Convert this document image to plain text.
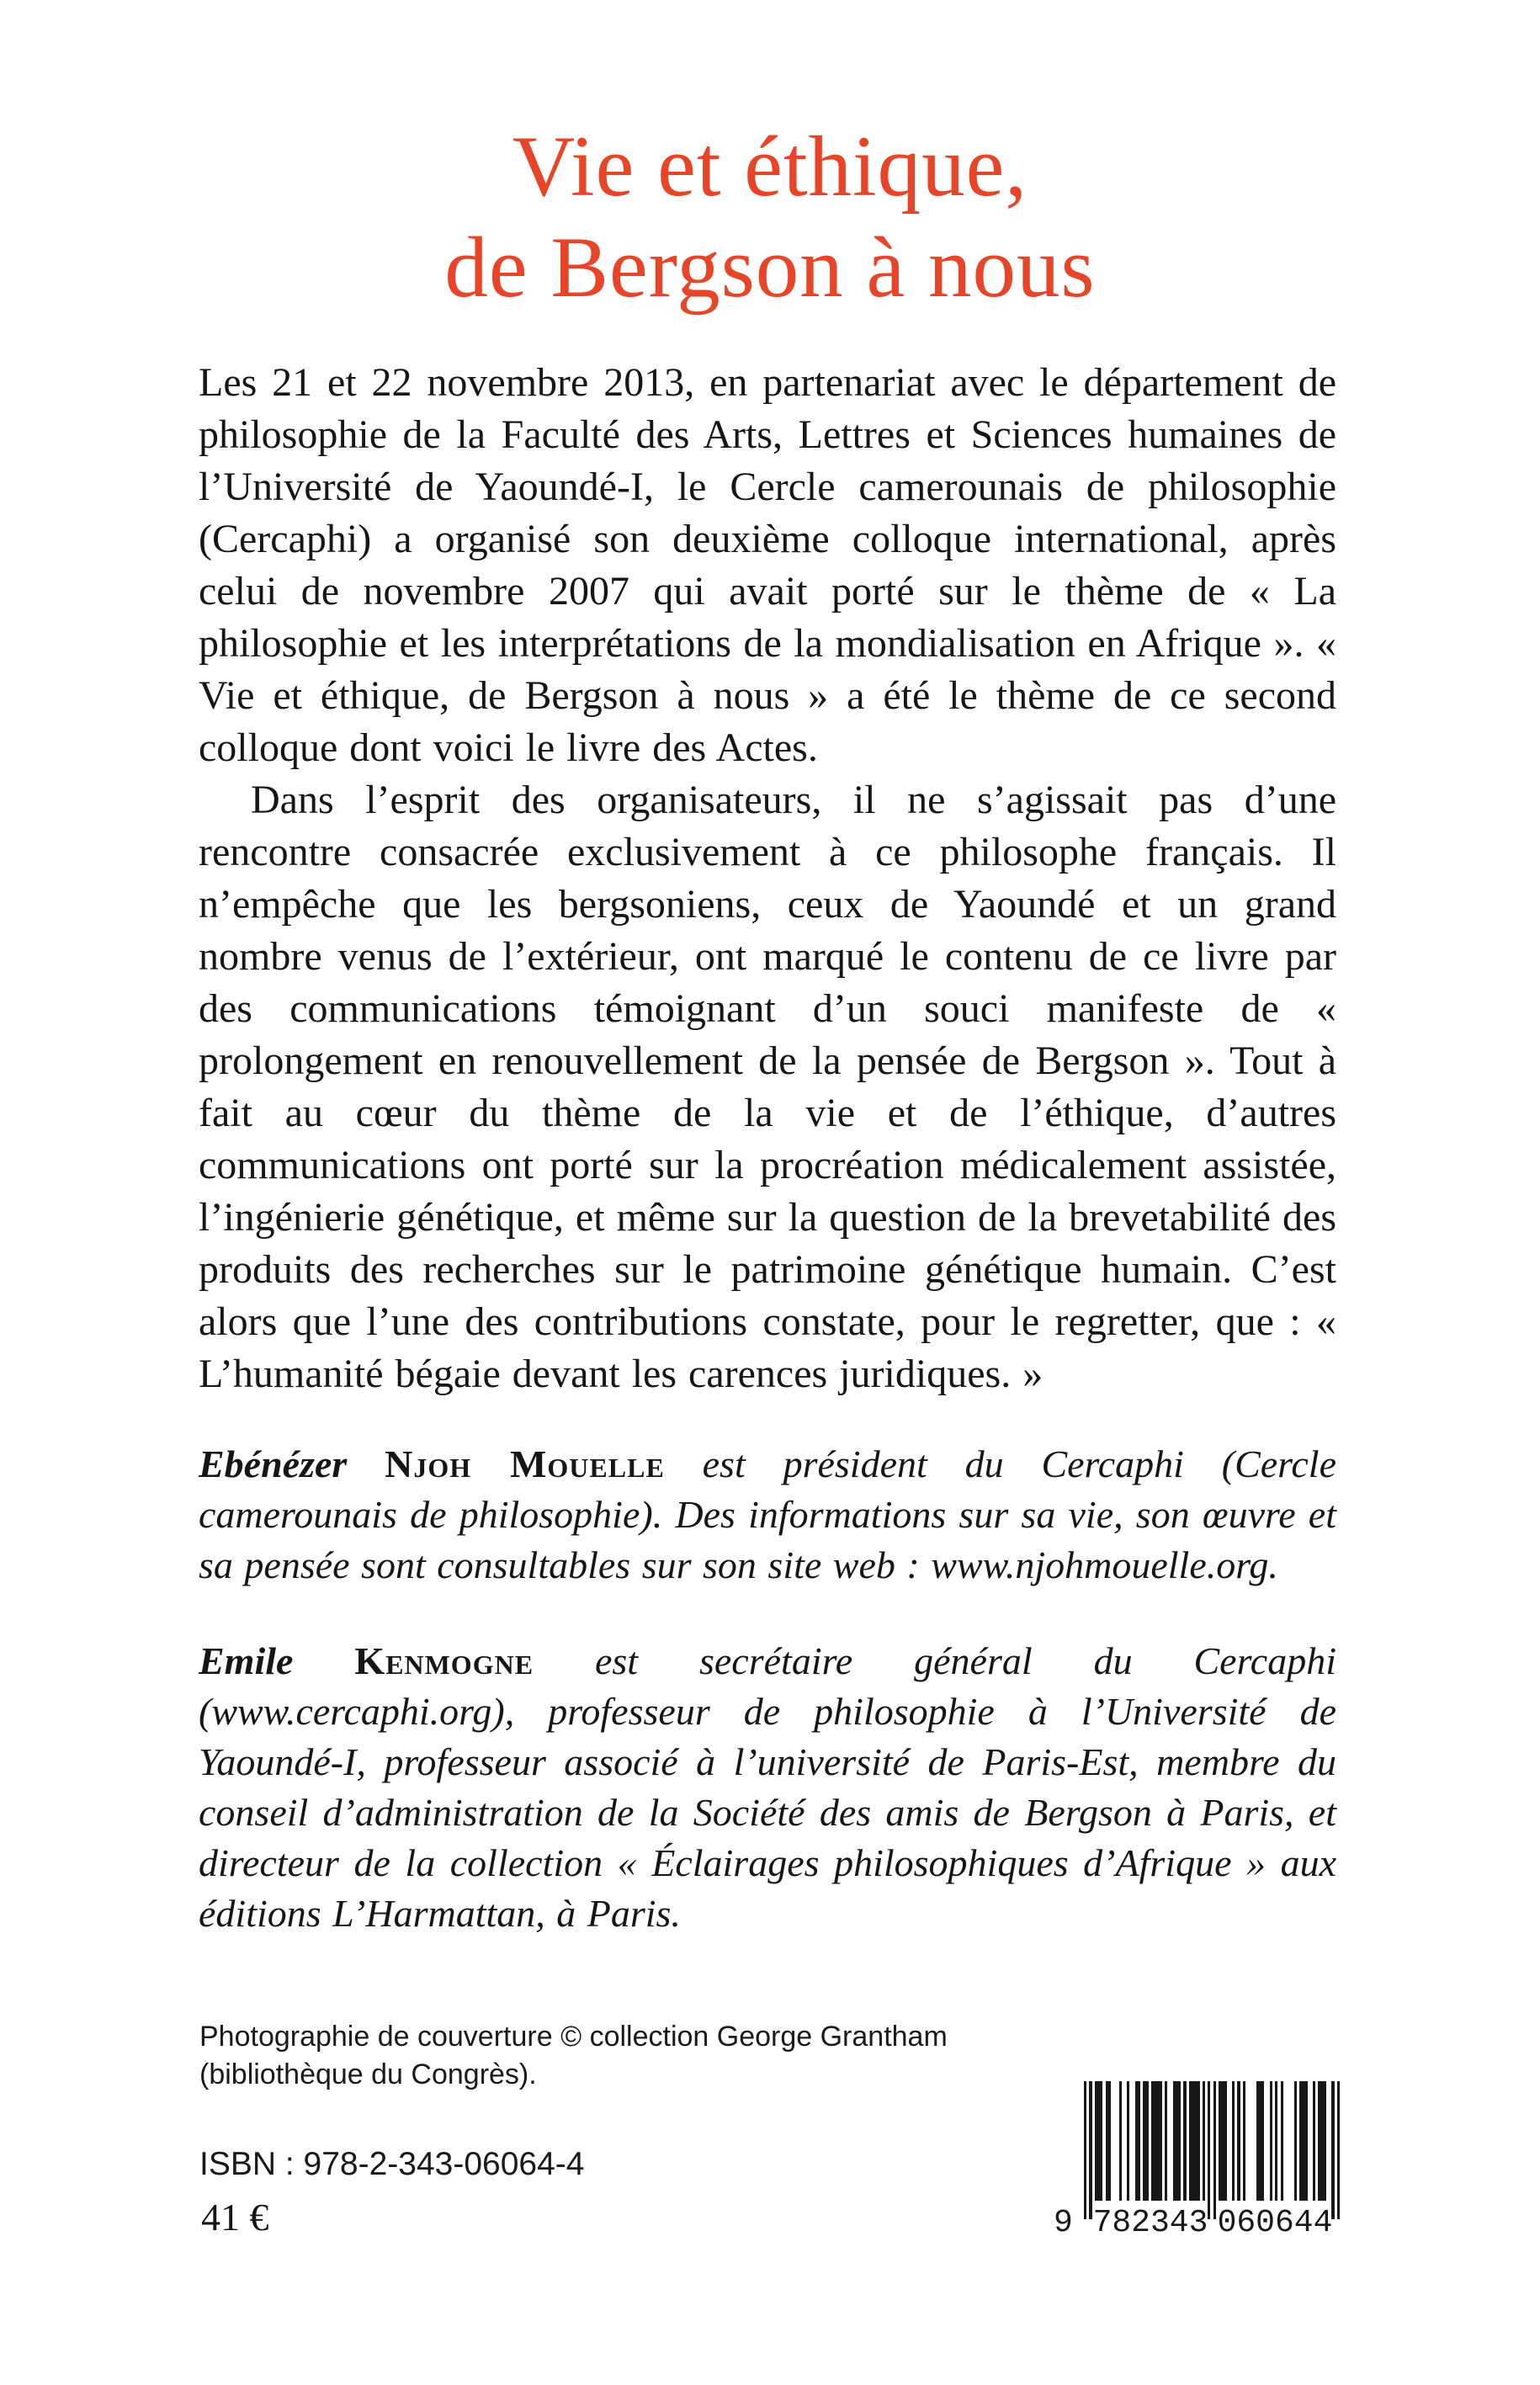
Vie et éthique,
de Bergson à nous

Les 21 et 22 novembre 2013, en partenariat avec le département de philosophie de la Faculté des Arts, Lettres et Sciences humaines de l’Université de Yaoundé-I, le Cercle camerounais de philosophie (Cercaphi) a organisé son deuxième colloque international, après celui de novembre 2007 qui avait porté sur le thème de « La philosophie et les interprétations de la mondialisation en Afrique ». « Vie et éthique, de Bergson à nous » a été le thème de ce second colloque dont voici le livre des Actes.

Dans l’esprit des organisateurs, il ne s’agissait pas d’une rencontre consacrée exclusivement à ce philosophe français. Il n’empêche que les bergsoniens, ceux de Yaoundé et un grand nombre venus de l’extérieur, ont marqué le contenu de ce livre par des communications témoignant d’un souci manifeste de « prolongement en renouvellement de la pensée de Bergson ». Tout à fait au cœur du thème de la vie et de l’éthique, d’autres communications ont porté sur la procréation médicalement assistée, l’ingénierie génétique, et même sur la question de la brevetabilité des produits des recherches sur le patrimoine génétique humain. C’est alors que l’une des contributions constate, pour le regretter, que : « L’humanité bégaie devant les carences juridiques. »

Ebénézer Njoh Mouelle est président du Cercaphi (Cercle camerounais de philosophie). Des informations sur sa vie, son œuvre et sa pensée sont consultables sur son site web : www.njohmouelle.org.

Emile Kenmogne est secrétaire général du Cercaphi (www.cercaphi.org), professeur de philosophie à l’Université de Yaoundé-I, professeur associé à l’université de Paris-Est, membre du conseil d’administration de la Société des amis de Bergson à Paris, et directeur de la collection « Éclairages philosophiques d’Afrique » aux éditions L’Harmattan, à Paris.

Photographie de couverture © collection George Grantham
(bibliothèque du Congrès).
ISBN : 978-2-343-06064-4
41 €	9 782343 060644
